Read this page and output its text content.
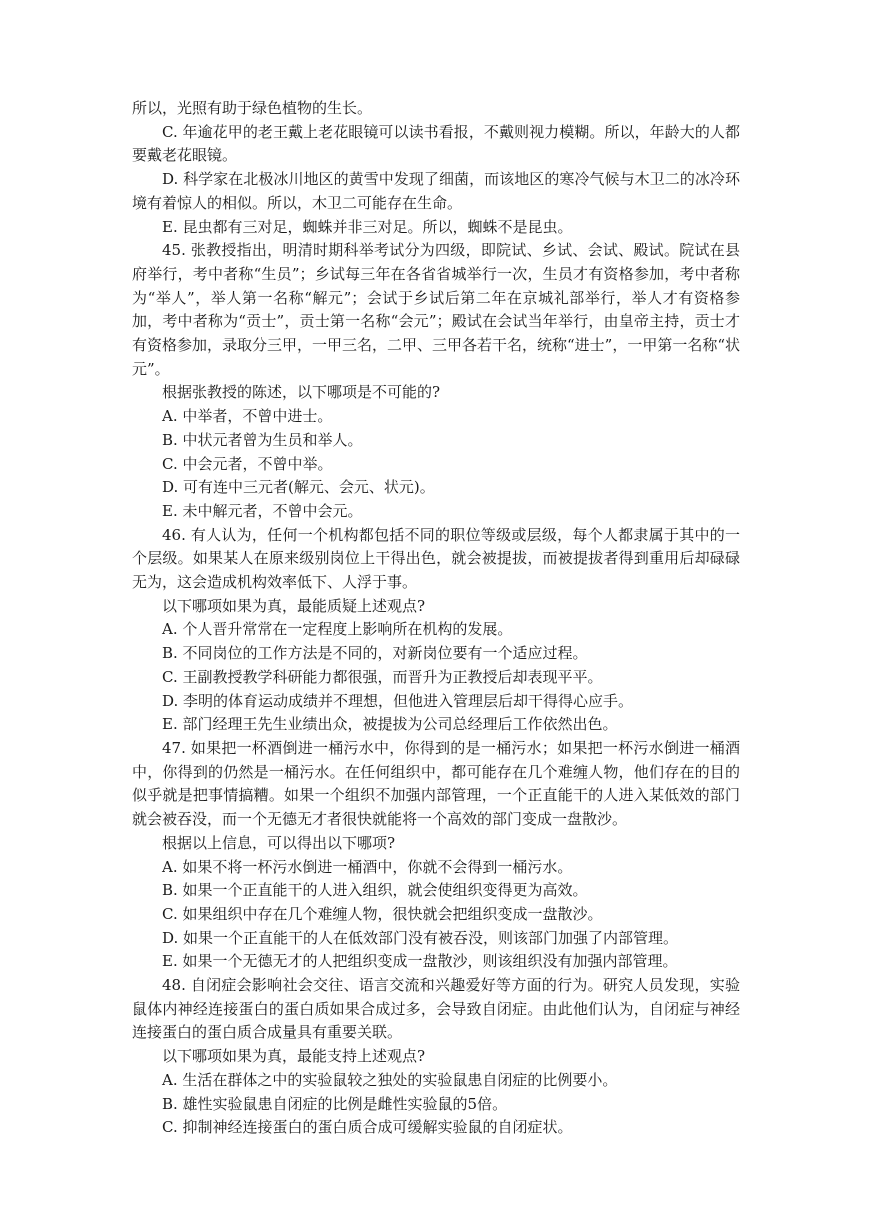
所以，光照有助于绿色植物的生长。

C. 年逾花甲的老王戴上老花眼镜可以读书看报，不戴则视力模糊。所以，年龄大的人都要戴老花眼镜。

D. 科学家在北极冰川地区的黄雪中发现了细菌，而该地区的寒冷气候与木卫二的冰冷环境有着惊人的相似。所以，木卫二可能存在生命。

E. 昆虫都有三对足，蜘蛛并非三对足。所以，蜘蛛不是昆虫。

45. 张教授指出，明清时期科举考试分为四级，即院试、乡试、会试、殿试。院试在县府举行，考中者称“生员”；乡试每三年在各省省城举行一次，生员才有资格参加，考中者称为“举人”，举人第一名称“解元”；会试于乡试后第二年在京城礼部举行，举人才有资格参加，考中者称为“贡士”，贡士第一名称“会元”；殿试在会试当年举行，由皇帝主持，贡士才有资格参加，录取分三甲，一甲三名，二甲、三甲各若干名，统称“进士”，一甲第一名称“状元”。

根据张教授的陈述，以下哪项是不可能的?

A. 中举者，不曾中进士。

B. 中状元者曾为生员和举人。

C. 中会元者，不曾中举。

D. 可有连中三元者(解元、会元、状元)。

E. 未中解元者，不曾中会元。

46. 有人认为，任何一个机构都包括不同的职位等级或层级，每个人都隶属于其中的一个层级。如果某人在原来级别岗位上干得出色，就会被提拔，而被提拔者得到重用后却碌碌无为，这会造成机构效率低下、人浮于事。

以下哪项如果为真，最能质疑上述观点?

A. 个人晋升常常在一定程度上影响所在机构的发展。

B. 不同岗位的工作方法是不同的，对新岗位要有一个适应过程。

C. 王副教授教学科研能力都很强，而晋升为正教授后却表现平平。

D. 李明的体育运动成绩并不理想，但他进入管理层后却干得得心应手。

E. 部门经理王先生业绩出众，被提拔为公司总经理后工作依然出色。

47. 如果把一杯酒倒进一桶污水中，你得到的是一桶污水；如果把一杯污水倒进一桶酒中，你得到的仍然是一桶污水。在任何组织中，都可能存在几个难缠人物，他们存在的目的似乎就是把事情搞糟。如果一个组织不加强内部管理，一个正直能干的人进入某低效的部门就会被吞没，而一个无德无才者很快就能将一个高效的部门变成一盘散沙。

根据以上信息，可以得出以下哪项?

A. 如果不将一杯污水倒进一桶酒中，你就不会得到一桶污水。

B. 如果一个正直能干的人进入组织，就会使组织变得更为高效。

C. 如果组织中存在几个难缠人物，很快就会把组织变成一盘散沙。

D. 如果一个正直能干的人在低效部门没有被吞没，则该部门加强了内部管理。

E. 如果一个无德无才的人把组织变成一盘散沙，则该组织没有加强内部管理。

48. 自闭症会影响社会交往、语言交流和兴趣爱好等方面的行为。研究人员发现，实验鼠体内神经连接蛋白的蛋白质如果合成过多，会导致自闭症。由此他们认为，自闭症与神经连接蛋白的蛋白质合成量具有重要关联。

以下哪项如果为真，最能支持上述观点?

A. 生活在群体之中的实验鼠较之独处的实验鼠患自闭症的比例要小。

B. 雄性实验鼠患自闭症的比例是雌性实验鼠的5倍。

C. 抑制神经连接蛋白的蛋白质合成可缓解实验鼠的自闭症状。
